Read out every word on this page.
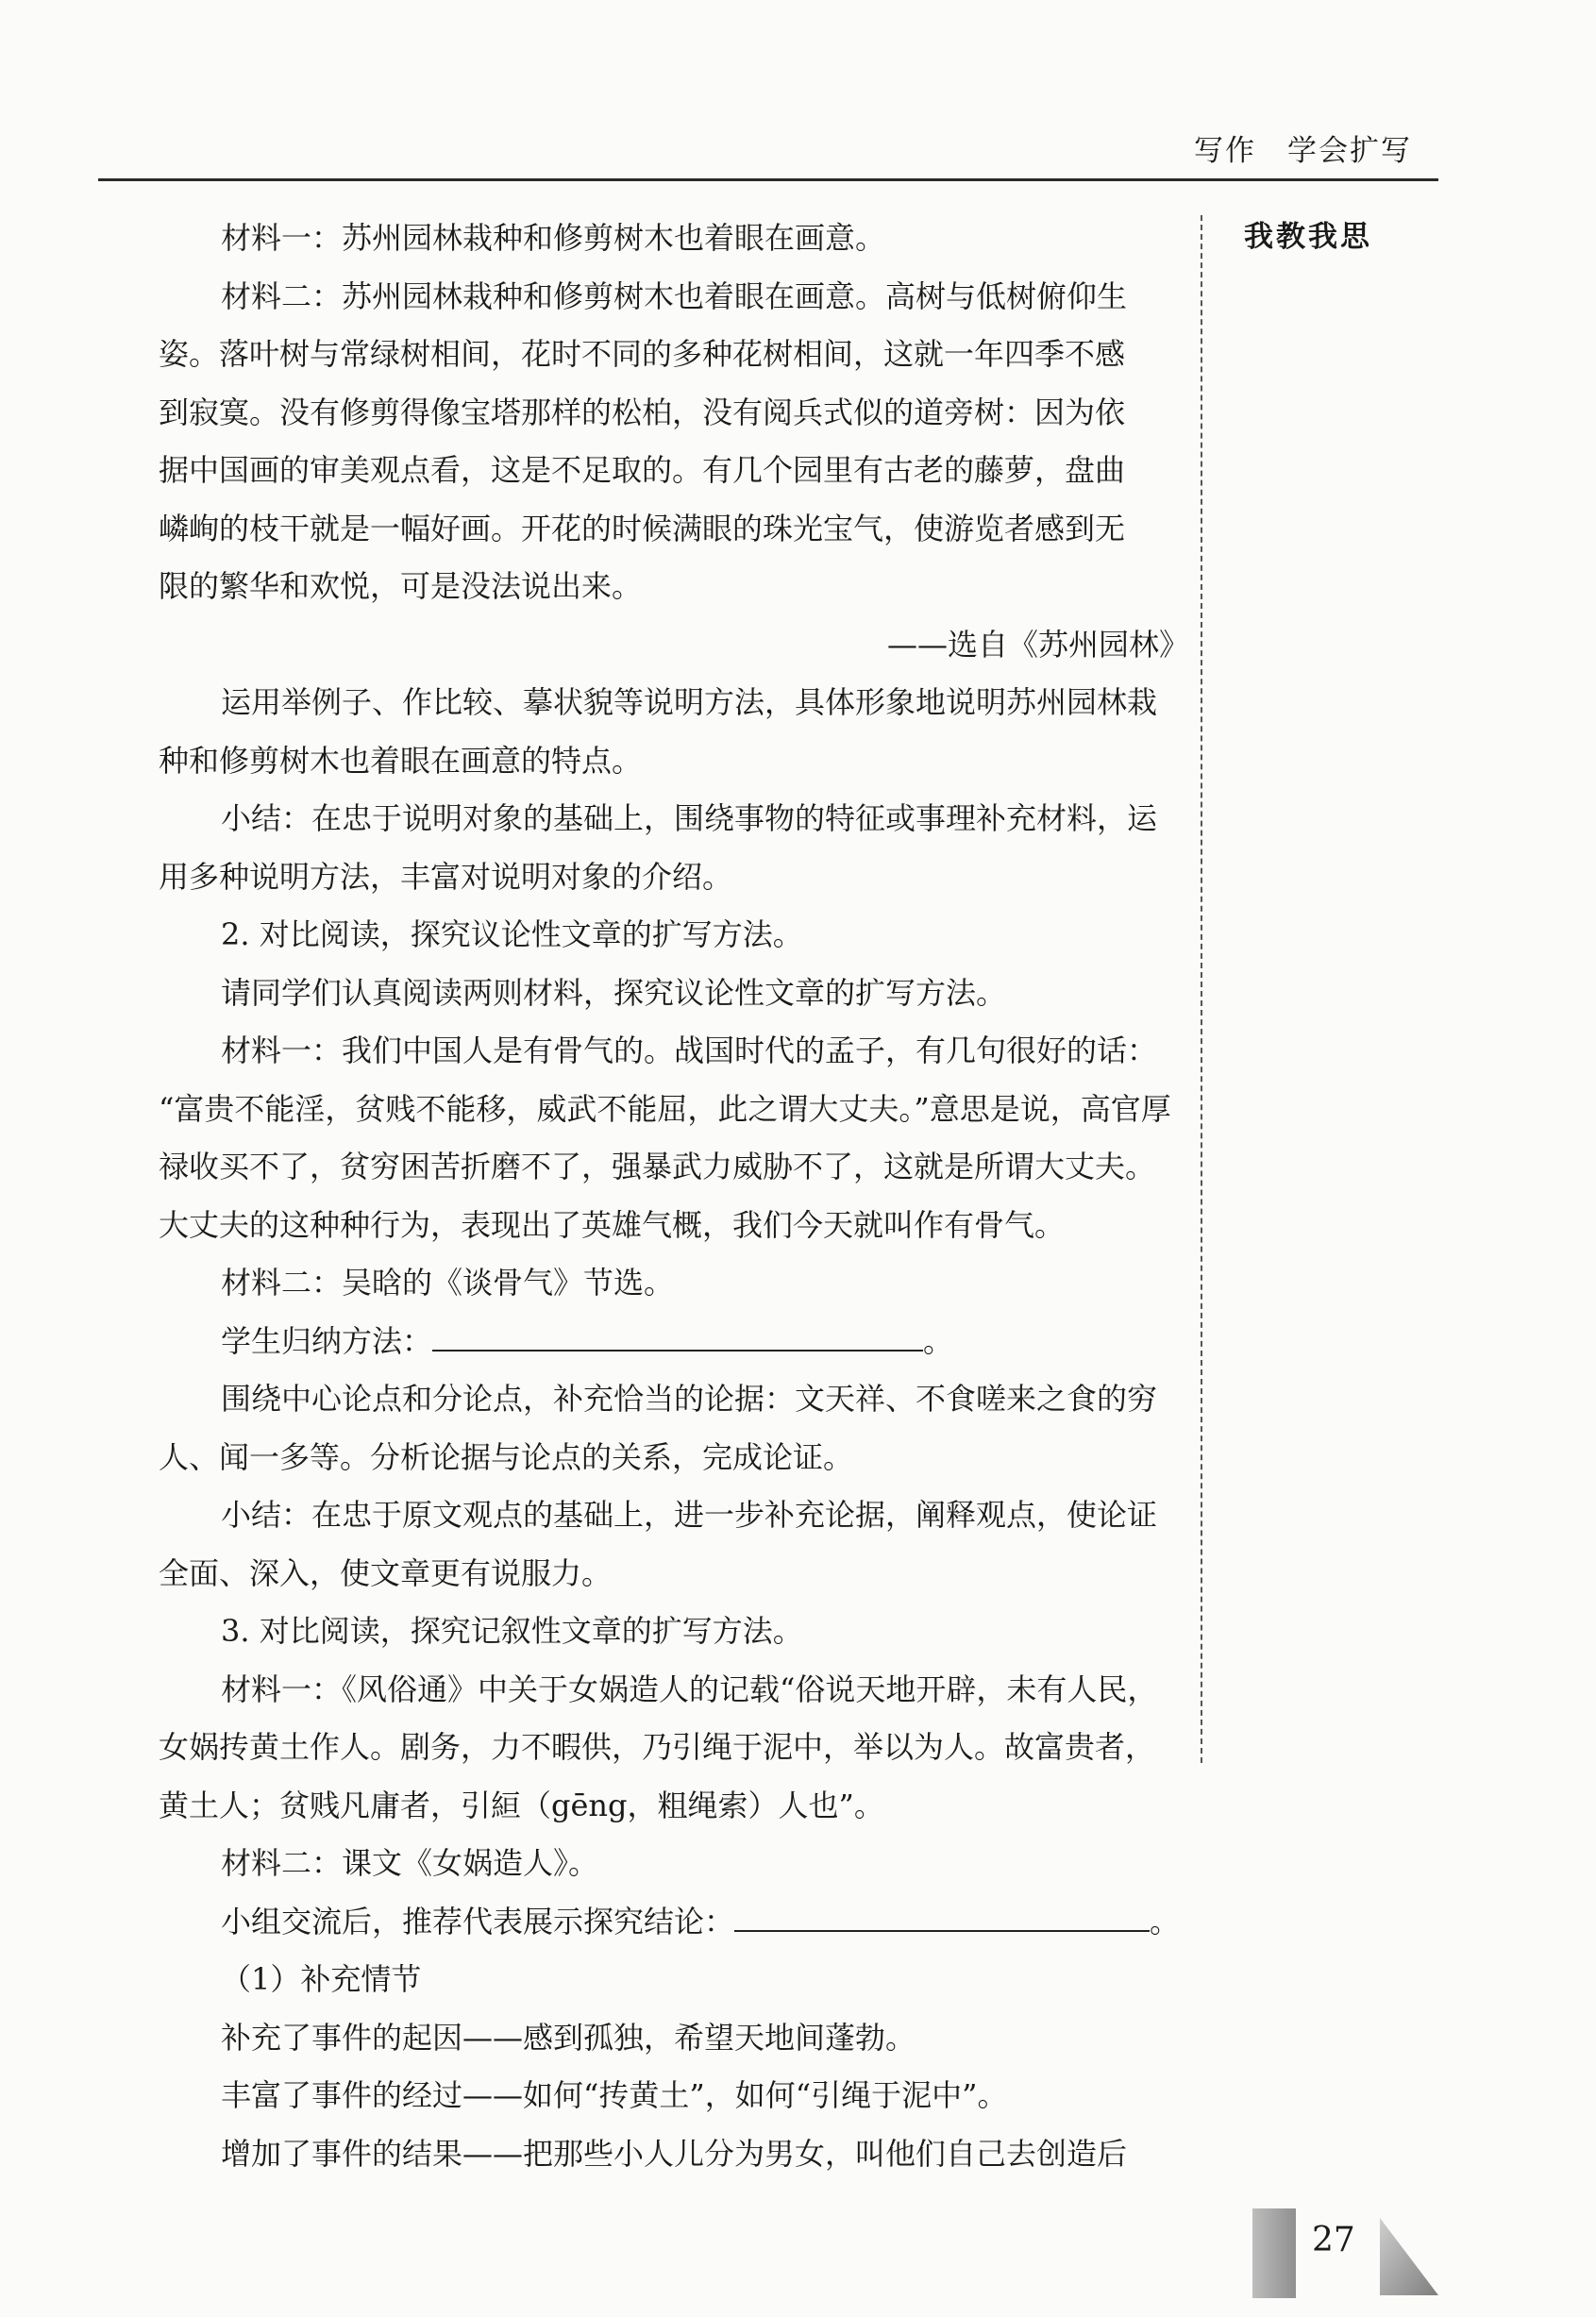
写作　学会扩写
我教我思
材料一：苏州园林栽种和修剪树木也着眼在画意。
材料二：苏州园林栽种和修剪树木也着眼在画意。高树与低树俯仰生
姿。落叶树与常绿树相间，花时不同的多种花树相间，这就一年四季不感
到寂寞。没有修剪得像宝塔那样的松柏，没有阅兵式似的道旁树：因为依
据中国画的审美观点看，这是不足取的。有几个园里有古老的藤萝，盘曲
嶙峋的枝干就是一幅好画。开花的时候满眼的珠光宝气，使游览者感到无
限的繁华和欢悦，可是没法说出来。
——选自《苏州园林》
运用举例子、作比较、摹状貌等说明方法，具体形象地说明苏州园林栽
种和修剪树木也着眼在画意的特点。
小结：在忠于说明对象的基础上，围绕事物的特征或事理补充材料，运
用多种说明方法，丰富对说明对象的介绍。
2. 对比阅读，探究议论性文章的扩写方法。
请同学们认真阅读两则材料，探究议论性文章的扩写方法。
材料一：我们中国人是有骨气的。战国时代的孟子，有几句很好的话：
“富贵不能淫，贫贱不能移，威武不能屈，此之谓大丈夫。”意思是说，高官厚
禄收买不了，贫穷困苦折磨不了，强暴武力威胁不了，这就是所谓大丈夫。
大丈夫的这种种行为，表现出了英雄气概，我们今天就叫作有骨气。
材料二：吴晗的《谈骨气》节选。
学生归纳方法：	。
围绕中心论点和分论点，补充恰当的论据：文天祥、不食嗟来之食的穷
人、闻一多等。分析论据与论点的关系，完成论证。
小结：在忠于原文观点的基础上，进一步补充论据，阐释观点，使论证
全面、深入，使文章更有说服力。
3. 对比阅读，探究记叙性文章的扩写方法。
材料一：《风俗通》中关于女娲造人的记载“俗说天地开辟，未有人民，
女娲抟黄土作人。剧务，力不暇供，乃引绳于泥中，举以为人。故富贵者，
黄土人；贫贱凡庸者，引絙（gēng，粗绳索）人也”。
材料二：课文《女娲造人》。
小组交流后，推荐代表展示探究结论：	。
（1）补充情节
补充了事件的起因——感到孤独，希望天地间蓬勃。
丰富了事件的经过——如何“抟黄土”，如何“引绳于泥中”。
增加了事件的结果——把那些小人儿分为男女，叫他们自己去创造后
27
